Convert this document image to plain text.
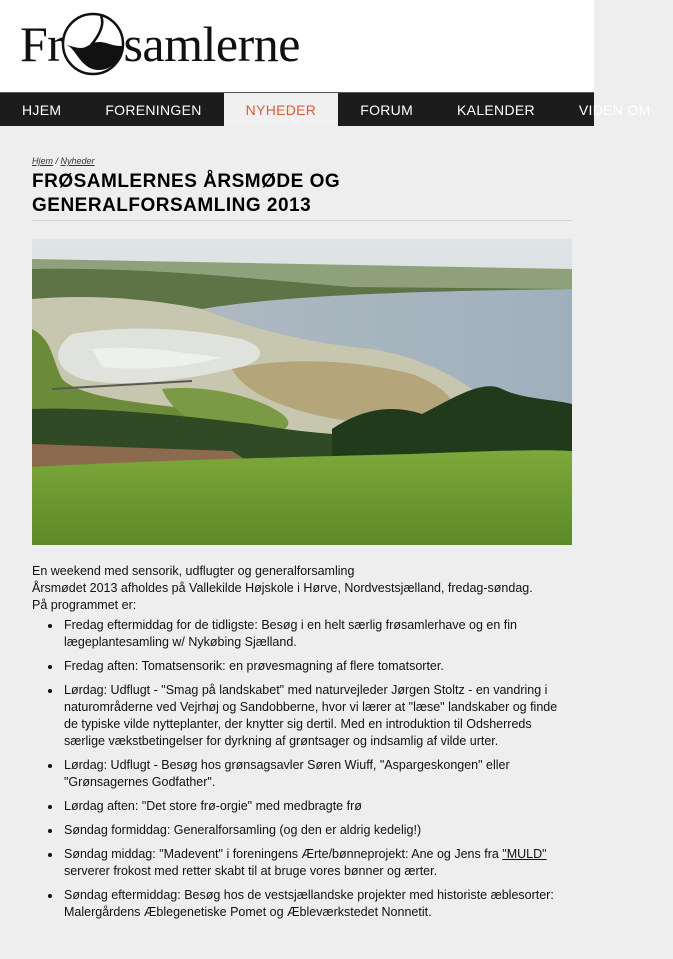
Fr samlerne
HJEM	FORENINGEN	NYHEDER	FORUM	KALENDER	VIDEN OM
Hjem / Nyheder
FRØSAMLERNES ÅRSMØDE OG
GENERALFORSAMLING 2013

En weekend med sensorik, udflugter og generalforsamling

Årsmødet 2013 afholdes på Vallekilde Højskole i Hørve, Nordvestsjælland, fredag-søndag.

På programmet er:

• Fredag eftermiddag for de tidligste: Besøg i en helt særlig frøsamlerhave og en fin lægeplantesamling w/ Nykøbing Sjælland.
• Fredag aften: Tomatsensorik: en prøvesmagning af flere tomatsorter.
• Lørdag: Udflugt - "Smag på landskabet" med naturvejleder Jørgen Stoltz - en vandring i naturområderne ved Vejrhøj og Sandobberne, hvor vi lærer at "læse" landskaber og finde de typiske vilde nytteplanter, der knytter sig dertil. Med en introduktion til Odsherreds særlige vækstbetingelser for dyrkning af grøntsager og indsamlig af vilde urter.
• Lørdag: Udflugt - Besøg hos grønsagsavler Søren Wiuff, "Aspargeskongen" eller "Grønsagernes Godfather".
• Lørdag aften: "Det store frø-orgie" med medbragte frø
• Søndag formiddag: Generalforsamling (og den er aldrig kedelig!)
• Søndag middag: "Madevent" i foreningens Ærte/bønneprojekt: Ane og Jens fra "MULD" serverer frokost med retter skabt til at bruge vores bønner og ærter.
• Søndag eftermiddag: Besøg hos de vestsjællandske projekter med historiste æblesorter: Malergårdens Æblegenetiske Pomet og Æbleværkstedet Nonnetit.
